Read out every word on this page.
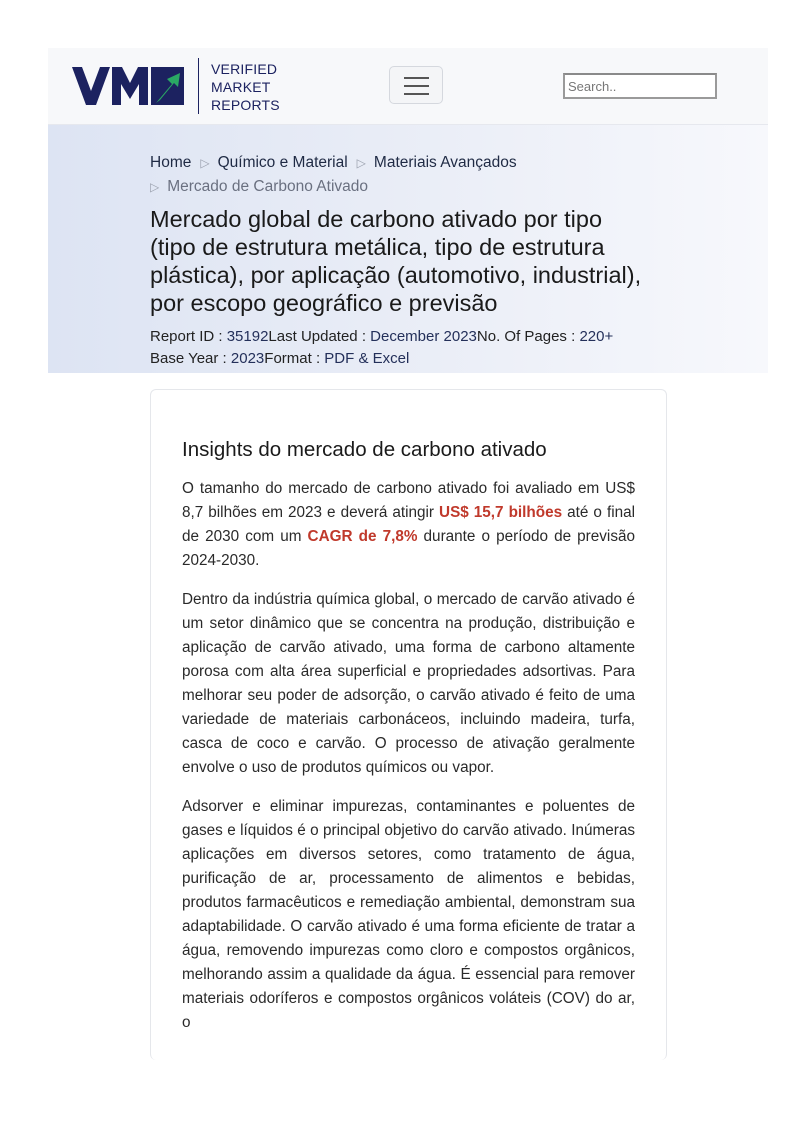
VERIFIED
MARKET
REPORTS
Search..
Home ▷ Químico e Material ▷ Materiais Avançados
▷ Mercado de Carbono Ativado
Mercado global de carbono ativado por tipo (tipo de estrutura metálica, tipo de estrutura plástica), por aplicação (automotivo, industrial), por escopo geográfico e previsão
Report ID : 35192Last Updated : December 2023No. Of Pages : 220+
Base Year : 2023Format : PDF & Excel
Insights do mercado de carbono ativado

O tamanho do mercado de carbono ativado foi avaliado em US$ 8,7 bilhões em 2023 e deverá atingir US$ 15,7 bilhões até o final de 2030 com um CAGR de 7,8% durante o período de previsão 2024-2030.

Dentro da indústria química global, o mercado de carvão ativado é um setor dinâmico que se concentra na produção, distribuição e aplicação de carvão ativado, uma forma de carbono altamente porosa com alta área superficial e propriedades adsortivas. Para melhorar seu poder de adsorção, o carvão ativado é feito de uma variedade de materiais carbonáceos, incluindo madeira, turfa, casca de coco e carvão. O processo de ativação geralmente envolve o uso de produtos químicos ou vapor.

Adsorver e eliminar impurezas, contaminantes e poluentes de gases e líquidos é o principal objetivo do carvão ativado. Inúmeras aplicações em diversos setores, como tratamento de água, purificação de ar, processamento de alimentos e bebidas, produtos farmacêuticos e remediação ambiental, demonstram sua adaptabilidade. O carvão ativado é uma forma eficiente de tratar a água, removendo impurezas como cloro e compostos orgânicos, melhorando assim a qualidade da água. É essencial para remover materiais odoríferos e compostos orgânicos voláteis (COV) do ar, o
